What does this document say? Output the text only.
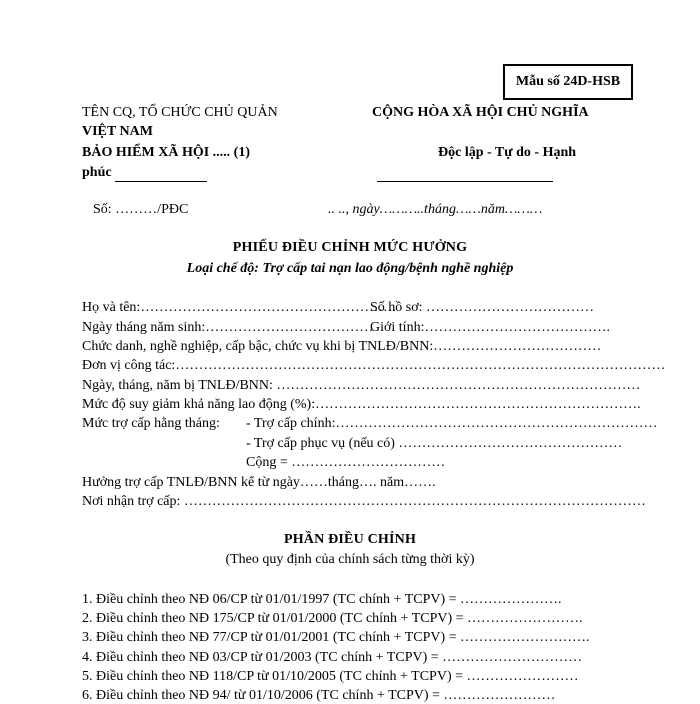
Mẫu số 24D-HSB
TÊN CQ, TỔ CHỨC CHỦ QUẢN
VIỆT NAM
BẢO HIỂM XÃ HỘI ..... (1)
phúc
CỘNG HÒA XÃ HỘI CHỦ NGHĨA
Độc lập - Tự do - Hạnh
Số: ………/PĐC	.. .., ngày………..tháng……năm………
PHIẾU ĐIỀU CHỈNH MỨC HƯỞNG
Loại chế độ: Trợ cấp tai nạn lao động/bệnh nghề nghiệp
Họ và tên:……………………………………………….
Số hồ sơ: ………………………………
Ngày tháng năm sinh:………………………………
Giới tính:………………………………….
Chức danh, nghề nghiệp, cấp bậc, chức vụ khi bị TNLĐ/BNN:………………………………
Đơn vị công tác:……………………………………………………………………………………………
Ngày, tháng, năm bị TNLĐ/BNN: ……………………………………………………………………
Mức độ suy giảm khả năng lao động (%):…………………………………………………………….
Mức trợ cấp hằng tháng: - Trợ cấp chính:……………………………………………………………
- Trợ cấp phục vụ (nếu có) …………………………………………
Cộng = ……………………………
Hưởng trợ cấp TNLĐ/BNN kể từ ngày……tháng…. năm…….
Nơi nhận trợ cấp: ………………………………………………………………………………………
PHẦN ĐIỀU CHỈNH
(Theo quy định của chính sách từng thời kỳ)
1. Điều chỉnh theo NĐ 06/CP từ 01/01/1997 (TC chính + TCPV) = ………………….
2. Điều chỉnh theo NĐ 175/CP từ 01/01/2000 (TC chính + TCPV) = …………………….
3. Điều chỉnh theo NĐ 77/CP từ 01/01/2001 (TC chính + TCPV) = ……………………….
4. Điều chỉnh theo NĐ 03/CP từ 01/2003 (TC chính + TCPV) = …………………………
5. Điều chỉnh theo NĐ 118/CP từ 01/10/2005 (TC chính + TCPV) = ……………………
6. Điều chỉnh theo NĐ 94/ từ 01/10/2006 (TC chính + TCPV) = ……………………
